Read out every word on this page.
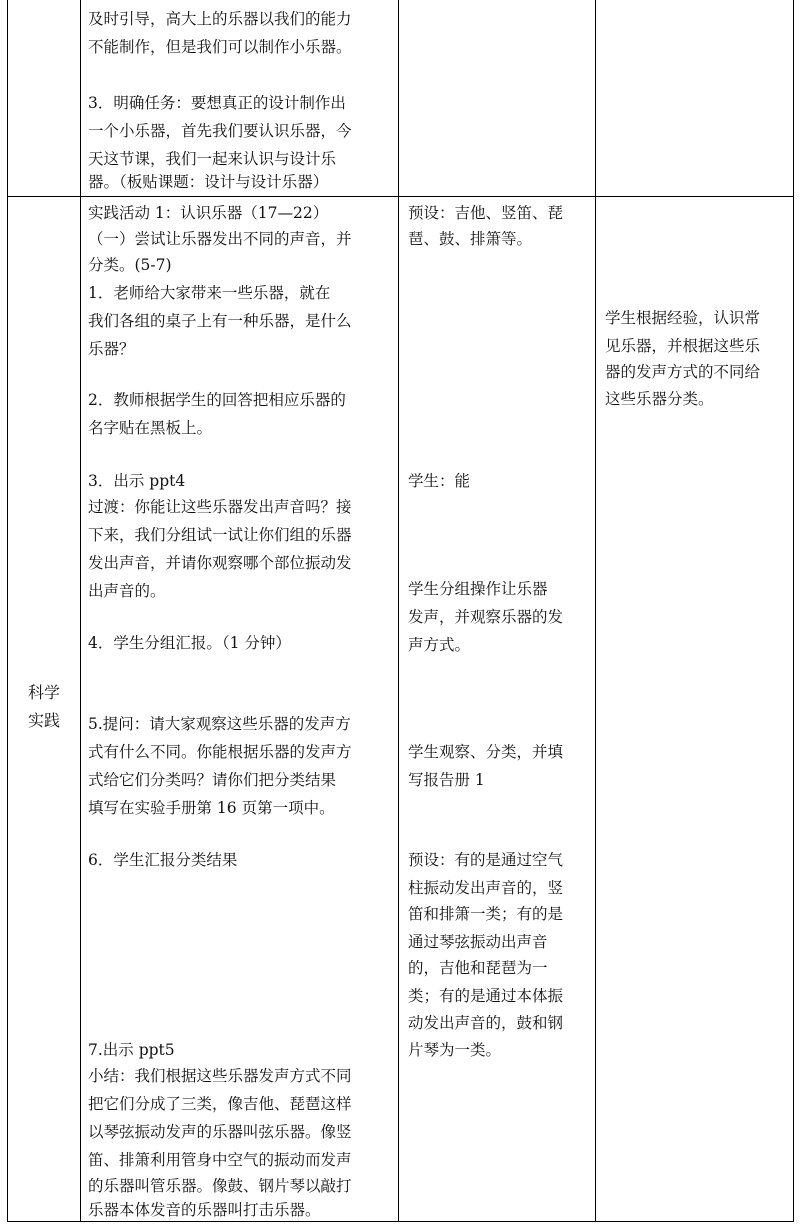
及时引导，高大上的乐器以我们的能力
不能制作，但是我们可以制作小乐器。
3．明确任务：要想真正的设计制作出
一个小乐器，首先我们要认识乐器，今
天这节课，我们一起来认识与设计乐
器。（板贴课题：设计与设计乐器）
科学
实践
实践活动 1：认识乐器（17—22）
（一）尝试让乐器发出不同的声音，并
分类。(5-7)
1．老师给大家带来一些乐器，就在
我们各组的桌子上有一种乐器，是什么
乐器？
2．教师根据学生的回答把相应乐器的
名字贴在黑板上。
3．出示 ppt4
过渡：你能让这些乐器发出声音吗？接
下来，我们分组试一试让你们组的乐器
发出声音，并请你观察哪个部位振动发
出声音的。
4．学生分组汇报。（1 分钟）
5.提问：请大家观察这些乐器的发声方
式有什么不同。你能根据乐器的发声方
式给它们分类吗？请你们把分类结果
填写在实验手册第 16 页第一项中。
6．学生汇报分类结果
7.出示 ppt5
小结：我们根据这些乐器发声方式不同
把它们分成了三类，像吉他、琵琶这样
以琴弦振动发声的乐器叫弦乐器。像竖
笛、排箫利用管身中空气的振动而发声
的乐器叫管乐器。像鼓、钢片琴以敲打
乐器本体发音的乐器叫打击乐器。
预设：吉他、竖笛、琵
琶、鼓、排箫等。
学生：能
学生分组操作让乐器
发声，并观察乐器的发
声方式。
学生观察、分类，并填
写报告册 1
预设：有的是通过空气
柱振动发出声音的，竖
笛和排箫一类；有的是
通过琴弦振动出声音
的，吉他和琵琶为一
类；有的是通过本体振
动发出声音的，鼓和钢
片琴为一类。
学生根据经验，认识常
见乐器，并根据这些乐
器的发声方式的不同给
这些乐器分类。
